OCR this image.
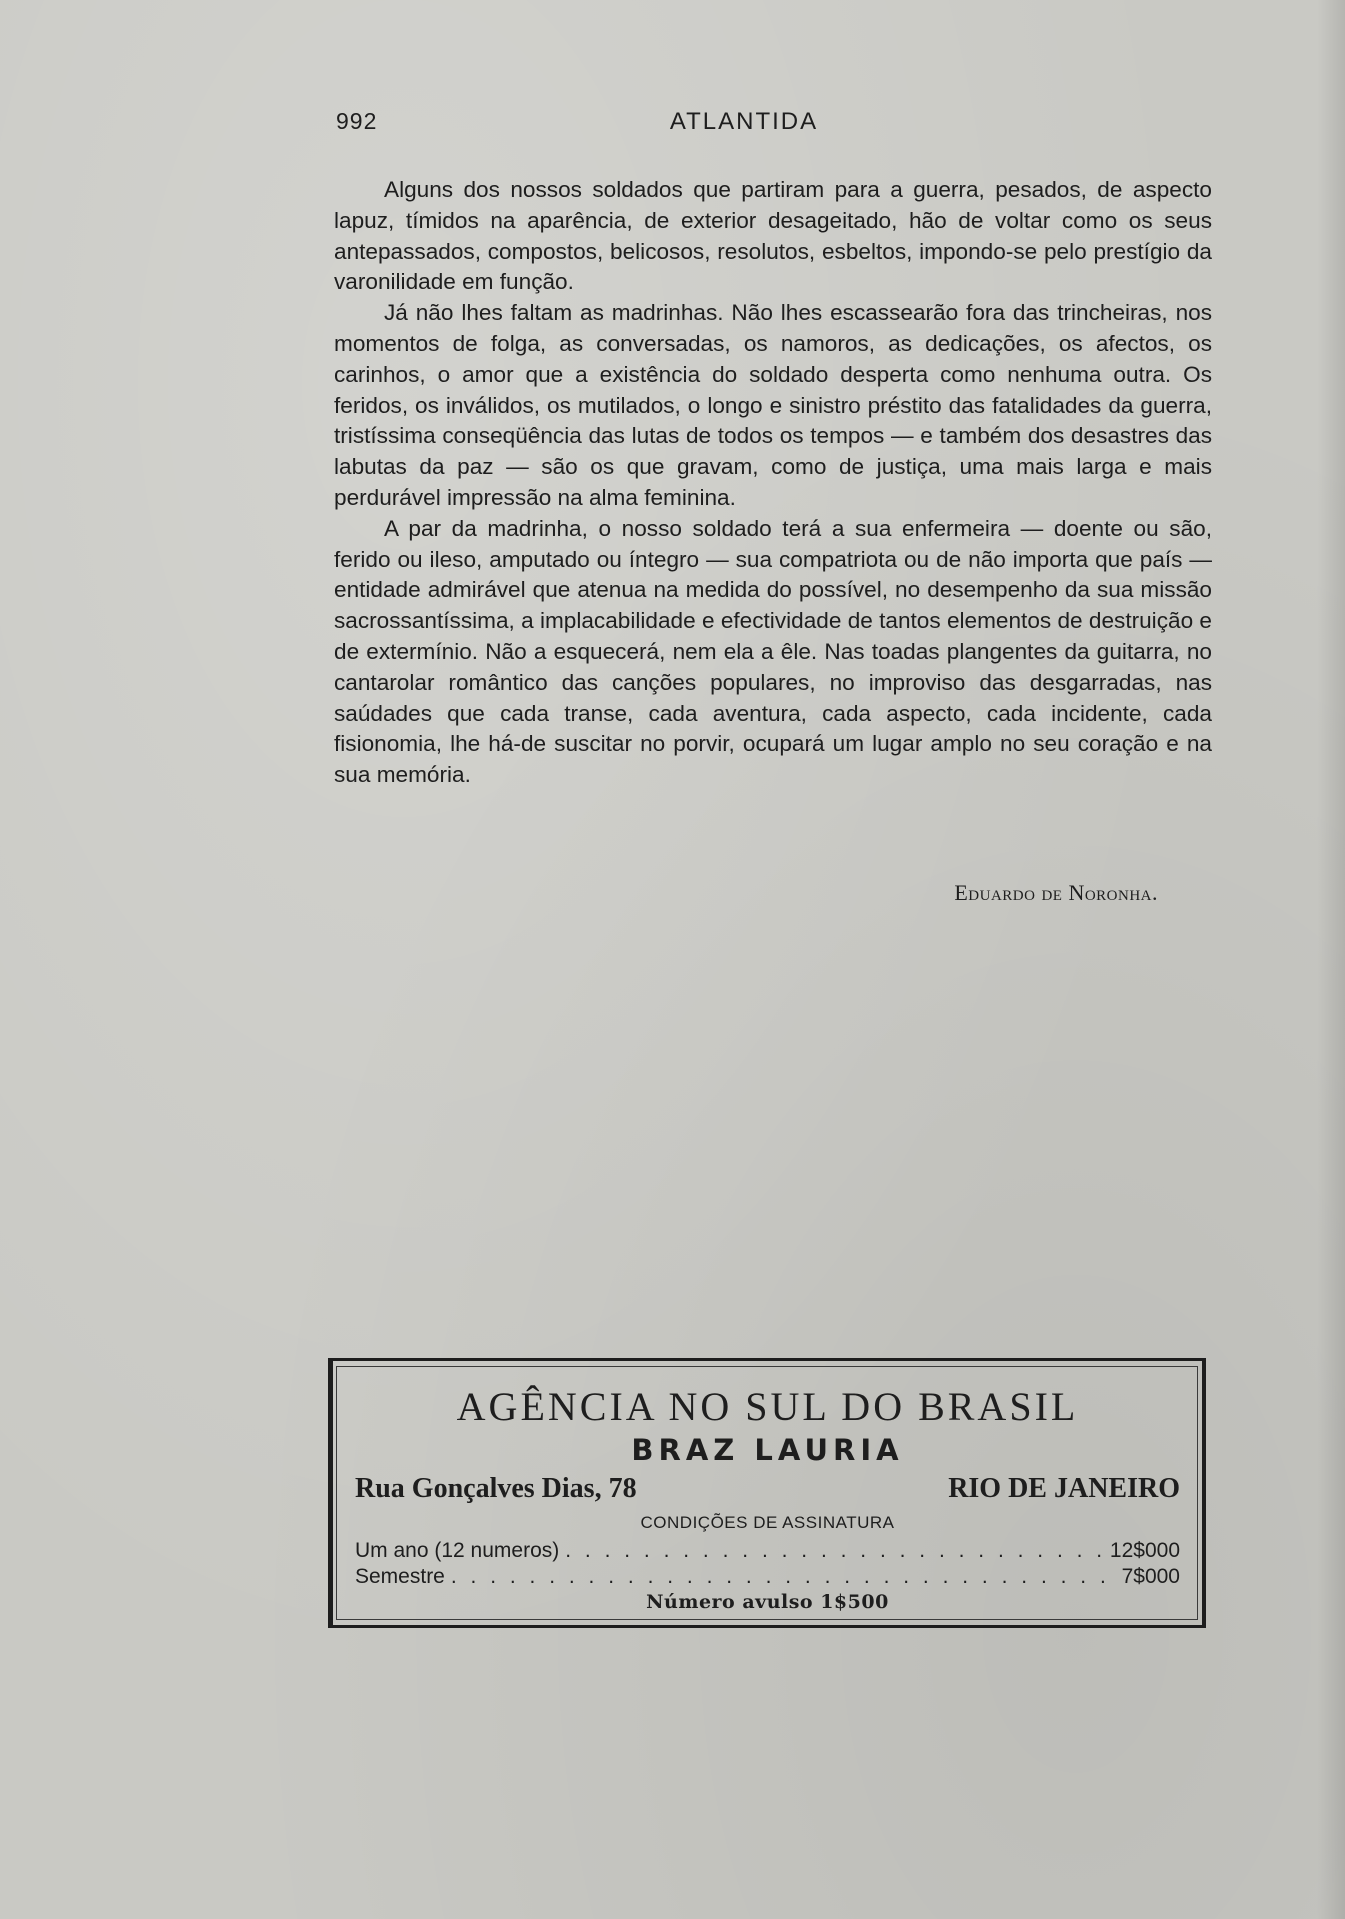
992	ATLANTIDA

Alguns dos nossos soldados que partiram para a guerra, pesados, de aspecto lapuz, tímidos na aparência, de exterior desageitado, hão de voltar como os seus antepassados, compostos, belicosos, resolutos, esbeltos, impondo-se pelo prestígio da varonilidade em função.

Já não lhes faltam as madrinhas. Não lhes escassearão fora das trincheiras, nos momentos de folga, as conversadas, os namoros, as dedicações, os afectos, os carinhos, o amor que a existência do soldado desperta como nenhuma outra. Os feridos, os inválidos, os mutilados, o longo e sinistro préstito das fatalidades da guerra, tristíssima conseqüência das lutas de todos os tempos — e também dos desastres das labutas da paz — são os que gravam, como de justiça, uma mais larga e mais perdurável impressão na alma feminina.

A par da madrinha, o nosso soldado terá a sua enfermeira — doente ou são, ferido ou ileso, amputado ou íntegro — sua compatriota ou de não importa que país — entidade admirável que atenua na medida do possível, no desempenho da sua missão sacrossantíssima, a implacabilidade e efectividade de tantos elementos de destruição e de extermínio. Não a esquecerá, nem ela a êle. Nas toadas plangentes da guitarra, no cantarolar romântico das canções populares, no improviso das desgarradas, nas saúdades que cada transe, cada aventura, cada aspecto, cada incidente, cada fisionomia, lhe há-de suscitar no porvir, ocupará um lugar amplo no seu coração e na sua memória.

Eduardo de Noronha.
AGÊNCIA NO SUL DO BRASIL
BRAZ LAURIA
Rua Gonçalves Dias, 78	RIO DE JANEIRO
CONDIÇÕES DE ASSINATURA
Um ano (12 numeros) . . .	12$000
Semestre . . .	7$000
Número avulso 1$500
